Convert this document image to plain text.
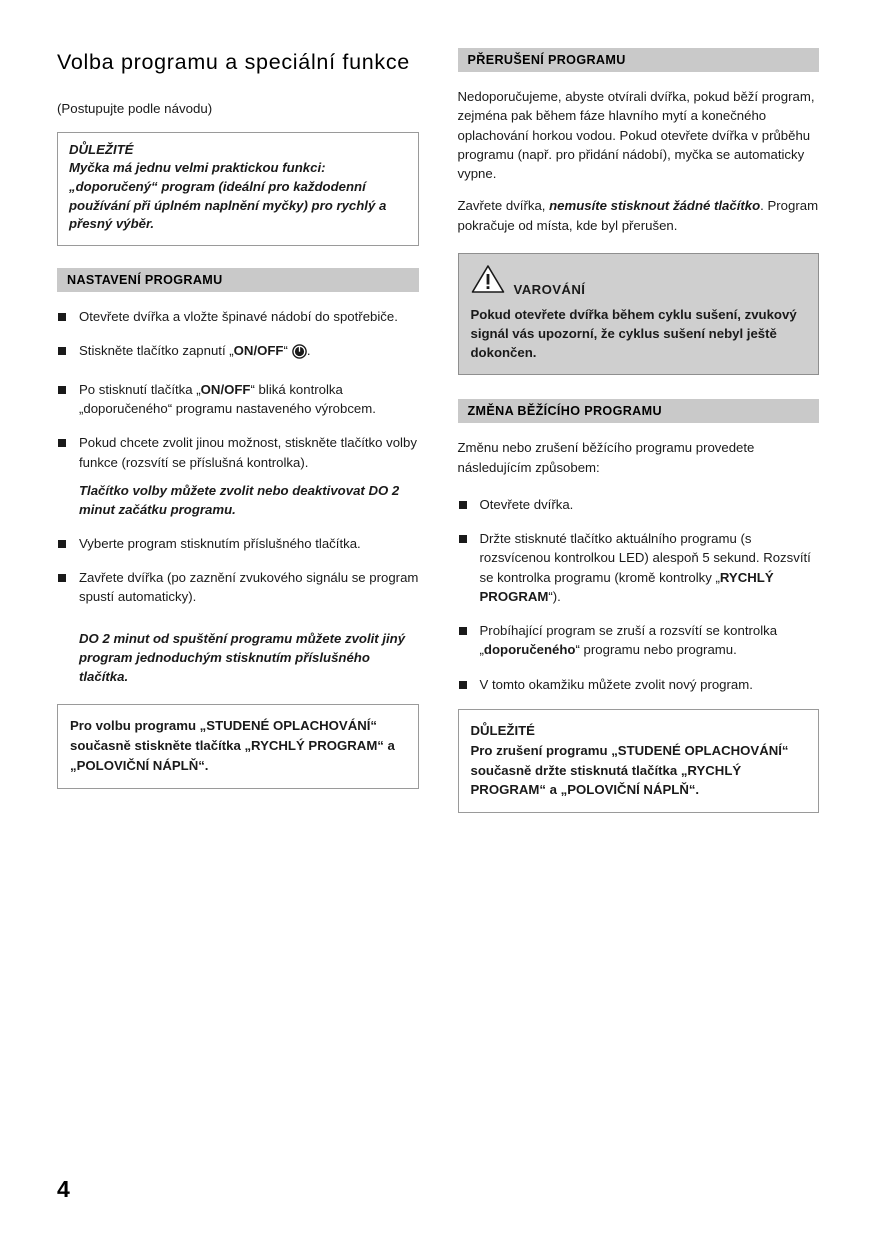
Volba programu a speciální funkce

(Postupujte podle návodu)

DŮLEŽITÉ
Myčka má jednu velmi praktickou funkci: „doporučený“ program (ideální pro každodenní používání při úplném naplnění myčky) pro rychlý a přesný výběr.
NASTAVENÍ PROGRAMU
Otevřete dvířka a vložte špinavé nádobí do spotřebiče.
Stiskněte tlačítko zapnutí „ON/OFF“ .
Po stisknutí tlačítka „ON/OFF“ bliká kontrolka „doporučeného“ programu nastaveného výrobcem.
Pokud chcete zvolit jinou možnost, stiskněte tlačítko volby funkce (rozsvítí se příslušná kontrolka).
Tlačítko volby můžete zvolit nebo deaktivovat DO 2 minut začátku programu.
Vyberte program stisknutím příslušného tlačítka.
Zavřete dvířka (po zaznění zvukového signálu se program spustí automaticky).
DO 2 minut od spuštění programu můžete zvolit jiný program jednoduchým stisknutím příslušného tlačítka.
Pro volbu programu „STUDENÉ OPLACHOVÁNÍ“ současně stiskněte tlačítka „RYCHLÝ PROGRAM“ a „POLOVIČNÍ NÁPLŇ“.
PŘERUŠENÍ PROGRAMU

Nedoporučujeme, abyste otvírali dvířka, pokud běží program, zejména pak během fáze hlavního mytí a konečného oplachování horkou vodou. Pokud otevřete dvířka v průběhu programu (např. pro přidání nádobí), myčka se automaticky vypne.

Zavřete dvířka, nemusíte stisknout žádné tlačítko. Program pokračuje od místa, kde byl přerušen.

VAROVÁNÍ
Pokud otevřete dvířka během cyklu sušení, zvukový signál vás upozorní, že cyklus sušení nebyl ještě dokončen.
ZMĚNA BĚŽÍCÍHO PROGRAMU

Změnu nebo zrušení běžícího programu provedete následujícím způsobem:

Otevřete dvířka.
Držte stisknuté tlačítko aktuálního programu (s rozsvícenou kontrolkou LED) alespoň 5 sekund. Rozsvítí se kontrolka programu (kromě kontrolky „RYCHLÝ PROGRAM“).
Probíhající program se zruší a rozsvítí se kontrolka „doporučeného“ programu nebo programu.
V tomto okamžiku můžete zvolit nový program.
DŮLEŽITÉ
Pro zrušení programu „STUDENÉ OPLACHOVÁNÍ“ současně držte stisknutá tlačítka „RYCHLÝ PROGRAM“ a „POLOVIČNÍ NÁPLŇ“.
4
